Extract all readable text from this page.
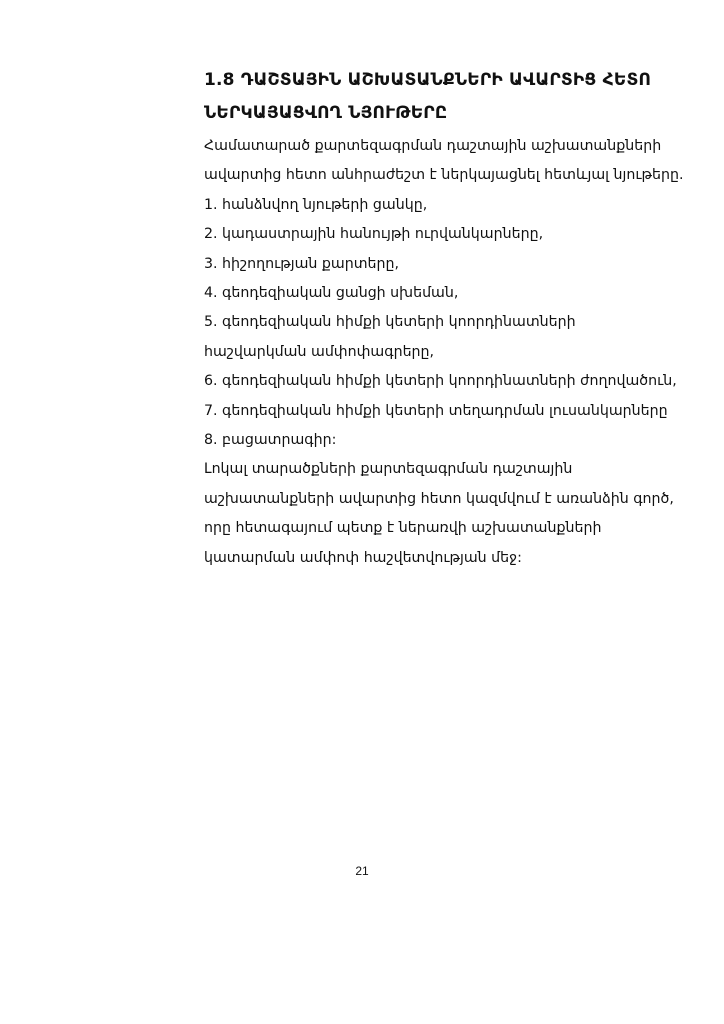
1.8 ԴԱՇՏԱՅԻՆ ԱՇԽԱՏԱՆՔՆԵՐԻ ԱՎԱՐՏԻՑ ՀԵՏՈ
ՆԵՐԿԱՅԱՑՎՈՂ ՆՅՈՒԹԵՐԸ
Համատարած քարտեզագրման դաշտային աշխատանքների
ավարտից հետո անհրաժեշտ է ներկայացնել հետևյալ նյութերը.
1. հանձնվող նյութերի ցանկը,
2. կադաստրային հանույթի ուրվանկարները,
3. հիշողության քարտերը,
4. գեոդեզիական ցանցի սխեման,
5. գեոդեզիական հիմքի կետերի կոորդինատների
հաշվարկման ամփոփագրերը,
6. գեոդեզիական հիմքի կետերի կոորդինատների ժողովածուն,
7. գեոդեզիական հիմքի կետերի տեղադրման լուսանկարները
8. բացատրագիր:
Լոկալ տարածքների քարտեզագրման դաշտային
աշխատանքների ավարտից հետո կազմվում է առանձին գործ,
որը հետագայում պետք է ներառվի աշխատանքների
կատարման ամփոփ հաշվետվության մեջ:
21
